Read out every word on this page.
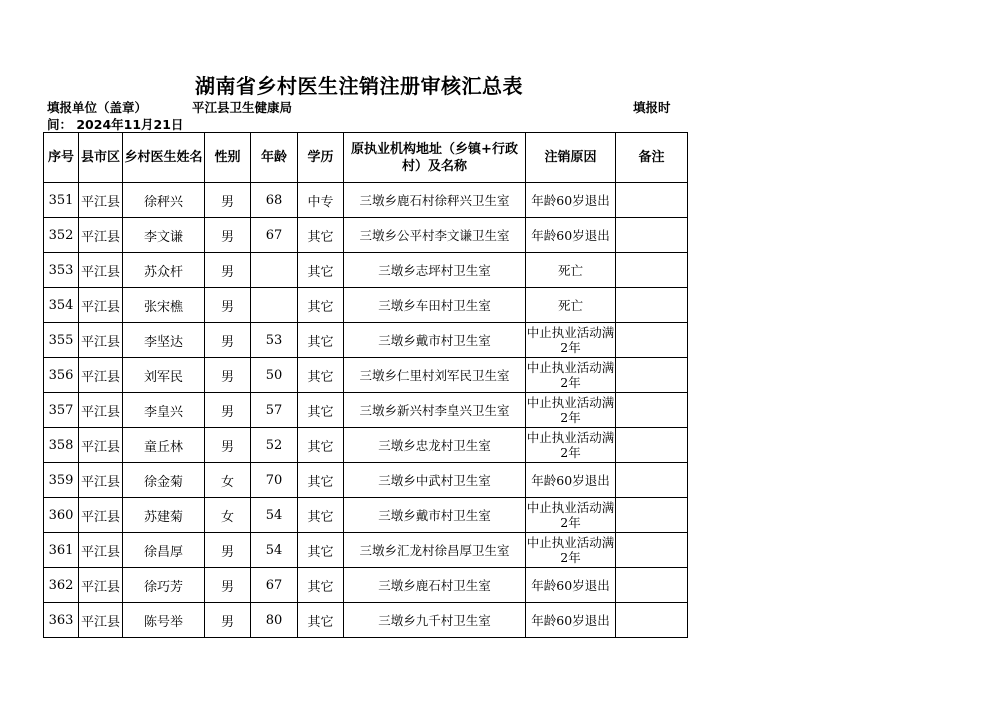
湖南省乡村医生注销注册审核汇总表
填报单位（盖章）	平江县卫生健康局	填报时
间： 2024年11月21日
序号	县市区	乡村医生姓名	性别	年龄	学历	原执业机构地址（乡镇+行政村）及名称	注销原因	备注
351	平江县	徐秤兴	男	68	中专	三墩乡鹿石村徐秤兴卫生室	年龄60岁退出	
352	平江县	李文谦	男	67	其它	三墩乡公平村李文谦卫生室	年龄60岁退出	
353	平江县	苏众杆	男		其它	三墩乡志坪村卫生室	死亡	
354	平江县	张宋樵	男		其它	三墩乡车田村卫生室	死亡	
355	平江县	李坚达	男	53	其它	三墩乡戴市村卫生室	中止执业活动满2年	
356	平江县	刘军民	男	50	其它	三墩乡仁里村刘军民卫生室	中止执业活动满2年	
357	平江县	李皇兴	男	57	其它	三墩乡新兴村李皇兴卫生室	中止执业活动满2年	
358	平江县	童丘林	男	52	其它	三墩乡忠龙村卫生室	中止执业活动满2年	
359	平江县	徐金菊	女	70	其它	三墩乡中武村卫生室	年龄60岁退出	
360	平江县	苏建菊	女	54	其它	三墩乡戴市村卫生室	中止执业活动满2年	
361	平江县	徐昌厚	男	54	其它	三墩乡汇龙村徐昌厚卫生室	中止执业活动满2年	
362	平江县	徐巧芳	男	67	其它	三墩乡鹿石村卫生室	年龄60岁退出	
363	平江县	陈号举	男	80	其它	三墩乡九千村卫生室	年龄60岁退出	
